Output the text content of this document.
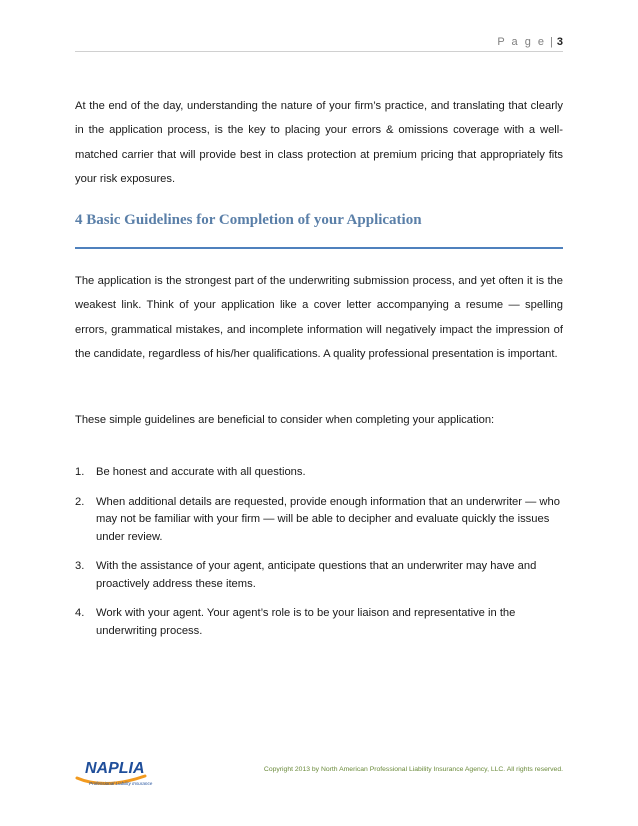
P a g e | 3

At the end of the day, understanding the nature of your firm’s practice, and translating that clearly in the application process, is the key to placing your errors & omissions coverage with a well-matched carrier that will provide best in class protection at premium pricing that appropriately fits your risk exposures.

4 Basic Guidelines for Completion of your Application

The application is the strongest part of the underwriting submission process, and yet often it is the weakest link. Think of your application like a cover letter accompanying a resume — spelling errors, grammatical mistakes, and incomplete information will negatively impact the impression of the candidate, regardless of his/her qualifications. A quality professional presentation is important.

These simple guidelines are beneficial to consider when completing your application:

1. Be honest and accurate with all questions.
2. When additional details are requested, provide enough information that an underwriter — who may not be familiar with your firm — will be able to decipher and evaluate quickly the issues under review.
3. With the assistance of your agent, anticipate questions that an underwriter may have and proactively address these items.
4. Work with your agent. Your agent’s role is to be your liaison and representative in the underwriting process.
NAPLIA
Professional Liability Insurance
Copyright 2013 by North American Professional Liability Insurance Agency, LLC. All rights reserved.
